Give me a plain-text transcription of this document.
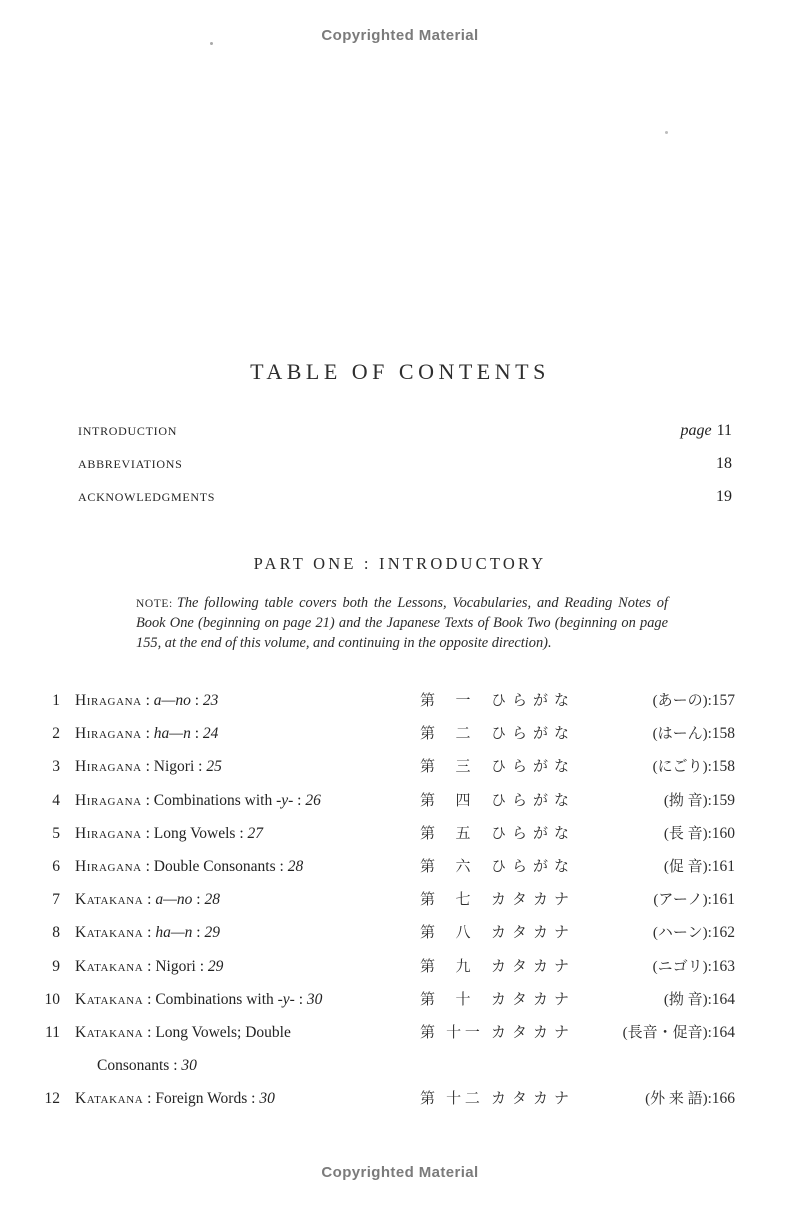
Copyrighted Material
TABLE OF CONTENTS
INTRODUCTION	page 11
ABBREVIATIONS	18
ACKNOWLEDGMENTS	19
PART ONE : INTRODUCTORY
NOTE: The following table covers both the Lessons, Vocabularies, and Reading Notes of Book One (beginning on page 21) and the Japanese Texts of Book Two (beginning on page 155, at the end of this volume, and continuing in the opposite direction).
1 Hiragana : a—no : 23	第	一	ひらがな	(あーの):157
2 Hiragana : ha—n : 24	第	二	ひらがな	(はーん):158
3 Hiragana : Nigori : 25	第	三	ひらがな	(にごり):158
4 Hiragana : Combinations with -y- : 26	第	四	ひらがな	(拗 音):159
5 Hiragana : Long Vowels : 27	第	五	ひらがな	(長 音):160
6 Hiragana : Double Consonants : 28	第	六	ひらがな	(促 音):161
7 Katakana : a—no : 28	第	七	カタカナ	(アーノ):161
8 Katakana : ha—n : 29	第	八	カタカナ	(ハーン):162
9 Katakana : Nigori : 29	第	九	カタカナ	(ニゴリ):163
10 Katakana : Combinations with -y- : 30	第	十	カタカナ	(拗 音):164
11 Katakana : Long Vowels; Double	第 十 一 カタカナ	(長音・促音):164
Consonants : 30
12 Katakana : Foreign Words : 30	第 十 二 カタカナ	(外 来 語):166
Copyrighted Material
